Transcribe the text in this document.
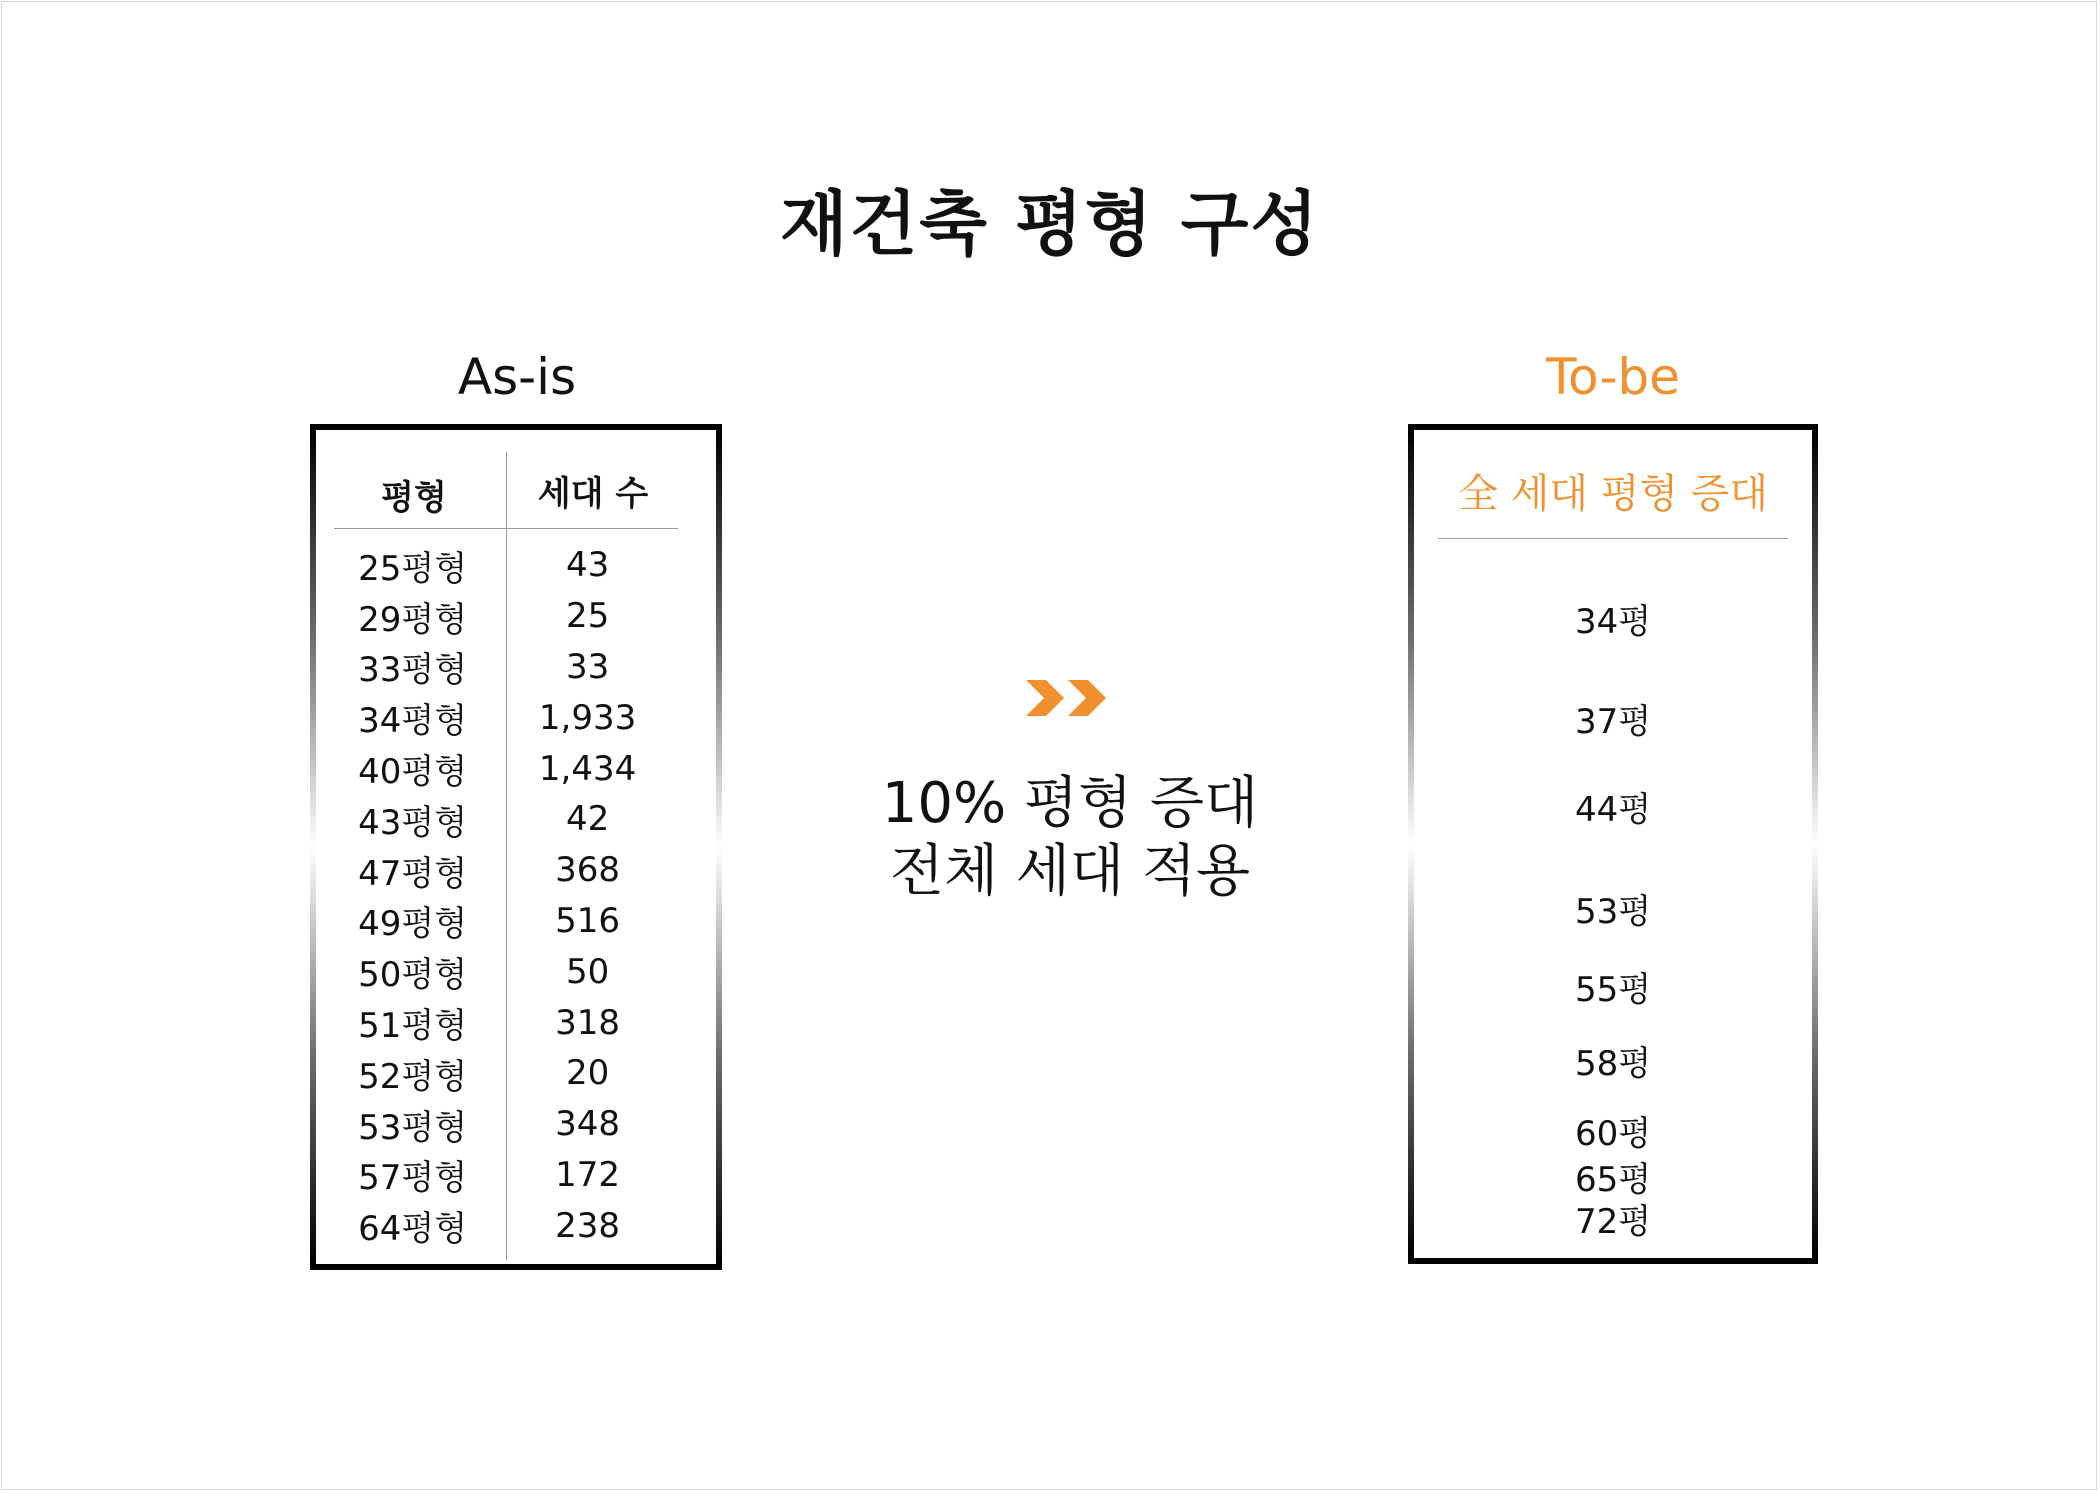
재건축 평형 구성
As-is
평형	세대 수
25평형	43
29평형	25
33평형	33
34평형	1,933
40평형	1,434
43평형	42
47평형	368
49평형	516
50평형	50
51평형	318
52평형	20
53평형	348
57평형	172
64평형	238
10% 평형 증대
전체 세대 적용
To-be
全 세대 평형 증대
34평
37평
44평
53평
55평
58평
60평
65평
72평
